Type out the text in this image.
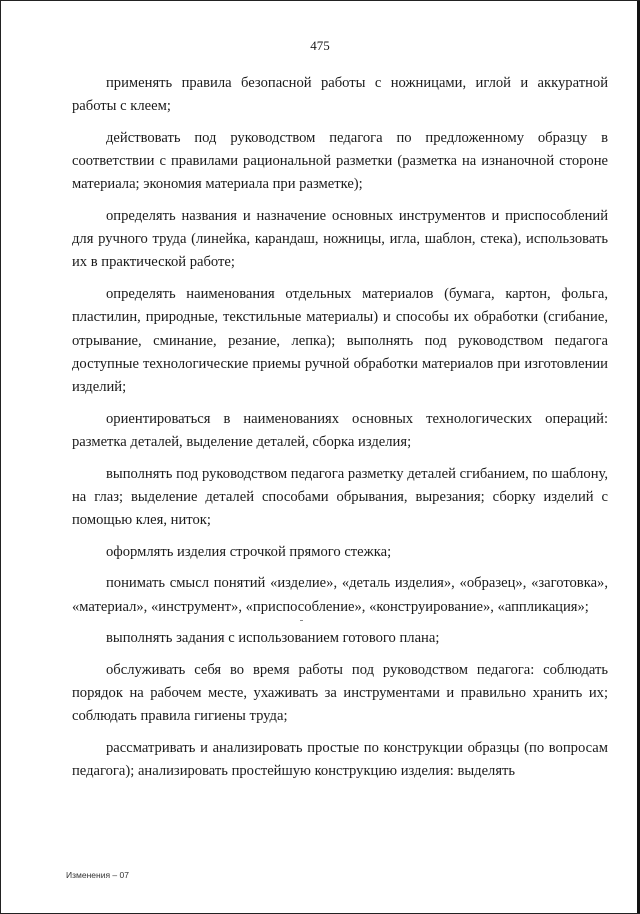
475

применять правила безопасной работы с ножницами, иглой и аккуратной работы с клеем;

действовать под руководством педагога по предложенному образцу в соответствии с правилами рациональной разметки (разметка на изнаночной стороне материала; экономия материала при разметке);

определять названия и назначение основных инструментов и приспособлений для ручного труда (линейка, карандаш, ножницы, игла, шаблон, стека), использовать их в практической работе;

определять наименования отдельных материалов (бумага, картон, фольга, пластилин, природные, текстильные материалы) и способы их обработки (сгибание, отрывание, сминание, резание, лепка); выполнять под руководством педагога доступные технологические приемы ручной обработки материалов при изготовлении изделий;

ориентироваться в наименованиях основных технологических операций: разметка деталей, выделение деталей, сборка изделия;

выполнять под руководством педагога разметку деталей сгибанием, по шаблону, на глаз; выделение деталей способами обрывания, вырезания; сборку изделий с помощью клея, ниток;

оформлять изделия строчкой прямого стежка;

понимать смысл понятий «изделие», «деталь изделия», «образец», «заготовка», «материал», «инструмент», «приспособление», «конструирование», «аппликация»;

выполнять задания с использованием готового плана;

обслуживать себя во время работы под руководством педагога: соблюдать порядок на рабочем месте, ухаживать за инструментами и правильно хранить их; соблюдать правила гигиены труда;

рассматривать и анализировать простые по конструкции образцы (по вопросам педагога); анализировать простейшую конструкцию изделия: выделять

Изменения – 07
